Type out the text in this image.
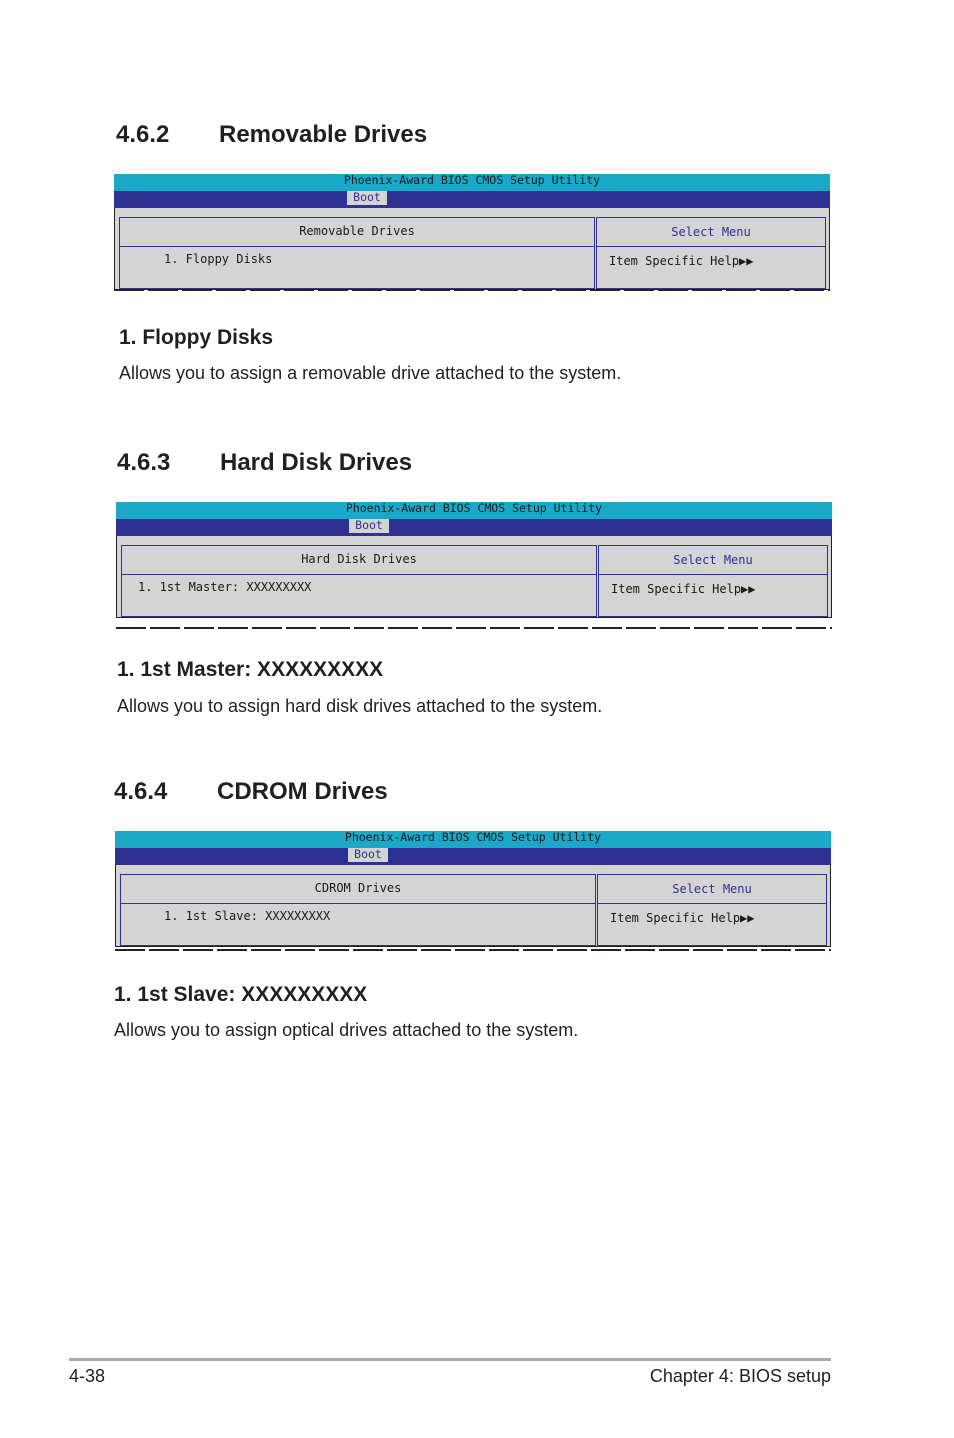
4.6.2 Removable Drives
Phoenix-Award BIOS CMOS Setup Utility
Boot
Removable Drives
1. Floppy Disks
Select Menu
Item Specific Help▶▶
1. Floppy Disks

Allows you to assign a removable drive attached to the system.

4.6.3 Hard Disk Drives
Phoenix-Award BIOS CMOS Setup Utility
Boot
Hard Disk Drives
1. 1st Master: XXXXXXXXX
Select Menu
Item Specific Help▶▶
1. 1st Master: XXXXXXXXX

Allows you to assign hard disk drives attached to the system.

4.6.4 CDROM Drives
Phoenix-Award BIOS CMOS Setup Utility
Boot
CDROM Drives
1. 1st Slave: XXXXXXXXX
Select Menu
Item Specific Help▶▶
1. 1st Slave: XXXXXXXXX

Allows you to assign optical drives attached to the system.

4-38	Chapter 4: BIOS setup
